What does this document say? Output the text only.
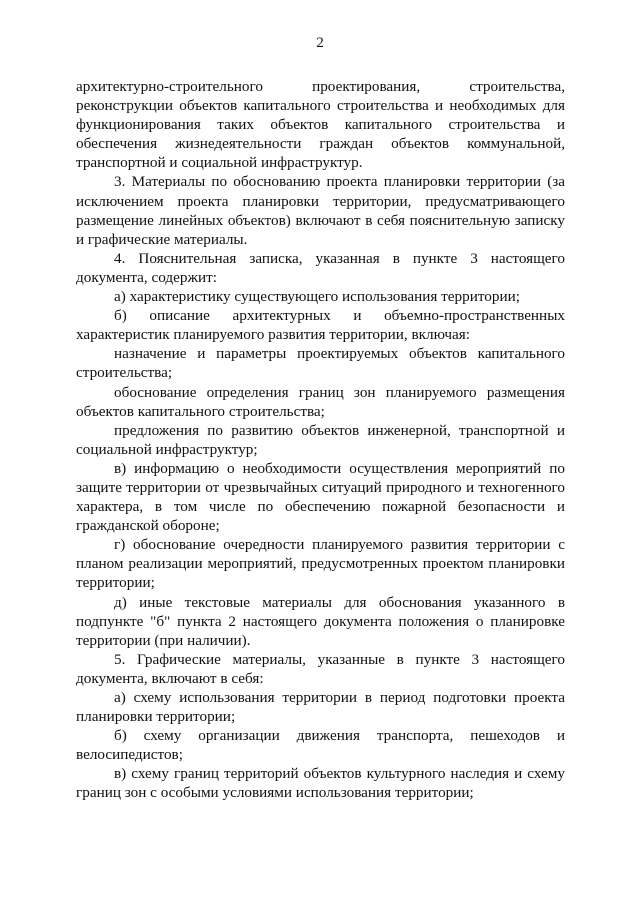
2

архитектурно-строительного проектирования, строительства, реконструкции объектов капитального строительства и необходимых для функционирования таких объектов капитального строительства и обеспечения жизнедеятельности граждан объектов коммунальной, транспортной и социальной инфраструктур.

3. Материалы по обоснованию проекта планировки территории (за исключением проекта планировки территории, предусматривающего размещение линейных объектов) включают в себя пояснительную записку и графические материалы.

4. Пояснительная записка, указанная в пункте 3 настоящего документа, содержит:

а) характеристику существующего использования территории;

б) описание архитектурных и объемно-пространственных характеристик планируемого развития территории, включая:

назначение и параметры проектируемых объектов капитального строительства;

обоснование определения границ зон планируемого размещения объектов капитального строительства;

предложения по развитию объектов инженерной, транспортной и социальной инфраструктур;

в) информацию о необходимости осуществления мероприятий по защите территории от чрезвычайных ситуаций природного и техногенного характера, в том числе по обеспечению пожарной безопасности и гражданской обороне;

г) обоснование очередности планируемого развития территории с планом реализации мероприятий, предусмотренных проектом планировки территории;

д) иные текстовые материалы для обоснования указанного в подпункте "б" пункта 2 настоящего документа положения о планировке территории (при наличии).

5. Графические материалы, указанные в пункте 3 настоящего документа, включают в себя:

а) схему использования территории в период подготовки проекта планировки территории;

б) схему организации движения транспорта, пешеходов и велосипедистов;

в) схему границ территорий объектов культурного наследия и схему границ зон с особыми условиями использования территории;
